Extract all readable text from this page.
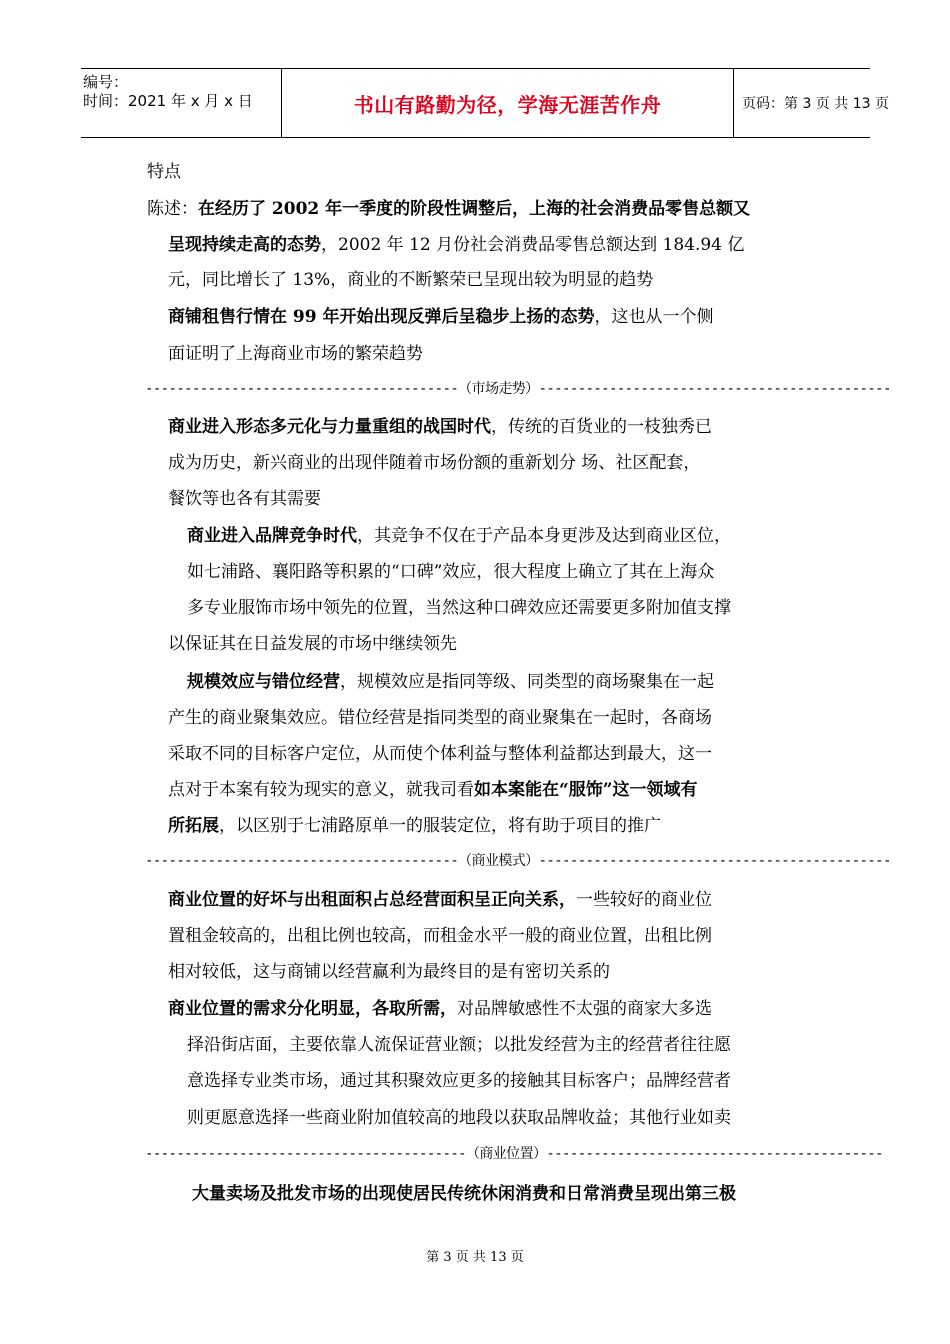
编号：
时间：2021 年 x 月 x 日	书山有路勤为径，学海无涯苦作舟	页码：第 3 页 共 13 页
特点
陈述：在经历了 2002 年一季度的阶段性调整后，上海的社会消费品零售总额又
呈现持续走高的态势，2002 年 12 月份社会消费品零售总额达到 184.94 亿
元，同比增长了 13%，商业的不断繁荣已呈现出较为明显的趋势
商铺租售行情在 99 年开始出现反弹后呈稳步上扬的态势，这也从一个侧
面证明了上海商业市场的繁荣趋势
----------------------------------------（市场走势）---------------------------------------------
商业进入形态多元化与力量重组的战国时代，传统的百货业的一枝独秀已
成为历史，新兴商业的出现伴随着市场份额的重新划分 场、社区配套，
餐饮等也各有其需要
商业进入品牌竞争时代，其竞争不仅在于产品本身更涉及达到商业区位，
如七浦路、襄阳路等积累的“口碑”效应，很大程度上确立了其在上海众
多专业服饰市场中领先的位置，当然这种口碑效应还需要更多附加值支撑
以保证其在日益发展的市场中继续领先
规模效应与错位经营，规模效应是指同等级、同类型的商场聚集在一起
产生的商业聚集效应。错位经营是指同类型的商业聚集在一起时，各商场
采取不同的目标客户定位，从而使个体利益与整体利益都达到最大，这一
点对于本案有较为现实的意义，就我司看如本案能在“服饰”这一领域有
所拓展，以区别于七浦路原单一的服装定位，将有助于项目的推广
----------------------------------------（商业模式）---------------------------------------------
商业位置的好坏与出租面积占总经营面积呈正向关系，一些较好的商业位
置租金较高的，出租比例也较高，而租金水平一般的商业位置，出租比例
相对较低，这与商铺以经营赢利为最终目的是有密切关系的
商业位置的需求分化明显，各取所需，对品牌敏感性不太强的商家大多选
择沿街店面，主要依靠人流保证营业额；以批发经营为主的经营者往往愿
意选择专业类市场，通过其积聚效应更多的接触其目标客户；品牌经营者
则更愿意选择一些商业附加值较高的地段以获取品牌收益；其他行业如卖
-----------------------------------------（商业位置）-------------------------------------------
大量卖场及批发市场的出现使居民传统休闲消费和日常消费呈现出第三极
第 3 页 共 13 页
